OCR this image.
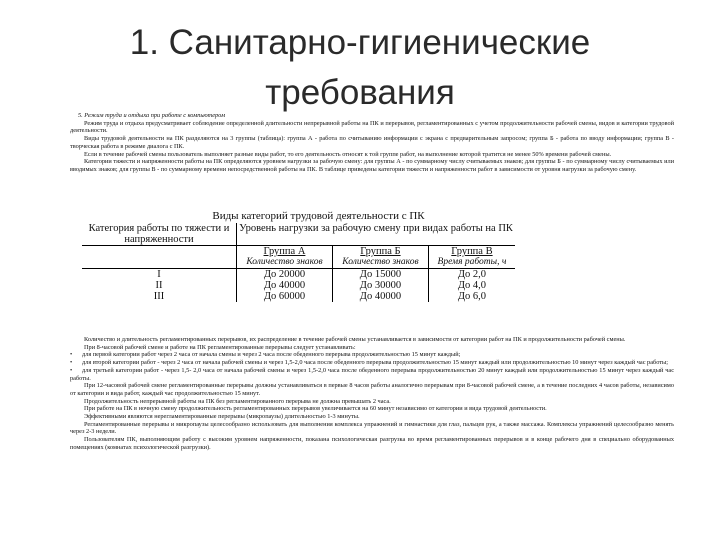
1. Санитарно-гигиенические
требования

5. Режим труда и отдыха при работе с компьютером

Режим труда и отдыха предусматривает соблюдение определенной длительности непрерывной работы на ПК и перерывов, регламентированных с учетом продолжительности рабочей смены, видов и категории трудовой деятельности.

Виды трудовой деятельности на ПК разделяются на 3 группы (таблица): группа А - работа по считыванию информации с экрана с предварительным запросом; группа Б - работа по вводу информации; группа В - творческая работа в режиме диалога с ПК.

Если в течение рабочей смены пользователь выполняет разные виды работ, то его деятельность относят к той группе работ, на выполнение которой тратится не менее 50% времени рабочей смены.

Категории тяжести и напряженности работы на ПК определяются уровнем нагрузки за рабочую смену: для группы А - по суммарному числу считываемых знаков; для группы Б - по суммарному числу считываемых или вводимых знаков; для группы В - по суммарному времени непосредственной работы на ПК. В таблице приведены категории тяжести и напряженности работ в зависимости от уровня нагрузки за рабочую смену.

Виды категорий трудовой деятельности с ПК
Категория работы по тяжести и напряженности	Уровень нагрузки за рабочую смену при видах работы на ПК		
	Группа А	Группа Б	Группа В
	Количество знаков	Количество знаков	Время работы, ч
I	До 20000	До 15000	До 2,0
II	До 40000	До 30000	До 4,0
III	До 60000	До 40000	До 6,0

Количество и длительность регламентированных перерывов, их распределение в течение рабочей смены устанавливается в зависимости от категории работ на ПК и продолжительности рабочей смены.

При 8-часовой рабочей смене и работе на ПК регламентированные перерывы следует устанавливать:

• для первой категории работ через 2 часа от начала смены и через 2 часа после обеденного перерыва продолжительностью 15 минут каждый;

• для второй категории работ - через 2 часа от начала рабочей смены и через 1,5-2,0 часа после обеденного перерыва продолжительностью 15 минут каждый или продолжительностью 10 минут через каждый час работы;

• для третьей категории работ - через 1,5- 2,0 часа от начала рабочей смены и через 1,5-2,0 часа после обеденного перерыва продолжительностью 20 минут каждый или продолжительностью 15 минут через каждый час работы.

При 12-часовой рабочей смене регламентированные перерывы должны устанавливаться в первые 8 часов работы аналогично перерывам при 8-часовой рабочей смене, а в течение последних 4 часов работы, независимо от категории и вида работ, каждый час продолжительностью 15 минут.

Продолжительность непрерывной работы на ПК без регламентированного перерыва не должна превышать 2 часа.

При работе на ПК в ночную смену продолжительность регламентированных перерывов увеличивается на 60 минут независимо от категории и вида трудовой деятельности.

Эффективными являются нерегламентированные перерывы (микропаузы) длительностью 1-3 минуты.

Регламентированные перерывы и микропаузы целесообразно использовать для выполнения комплекса упражнений и гимнастики для глаз, пальцев рук, а также массажа. Комплексы упражнений целесообразно менять через 2-3 недели.

Пользователям ПК, выполняющим работу с высоким уровнем напряженности, показана психологическая разгрузка во время регламентированных перерывов и в конце рабочего дня в специально оборудованных помещениях (комнатах психологической разгрузки).
